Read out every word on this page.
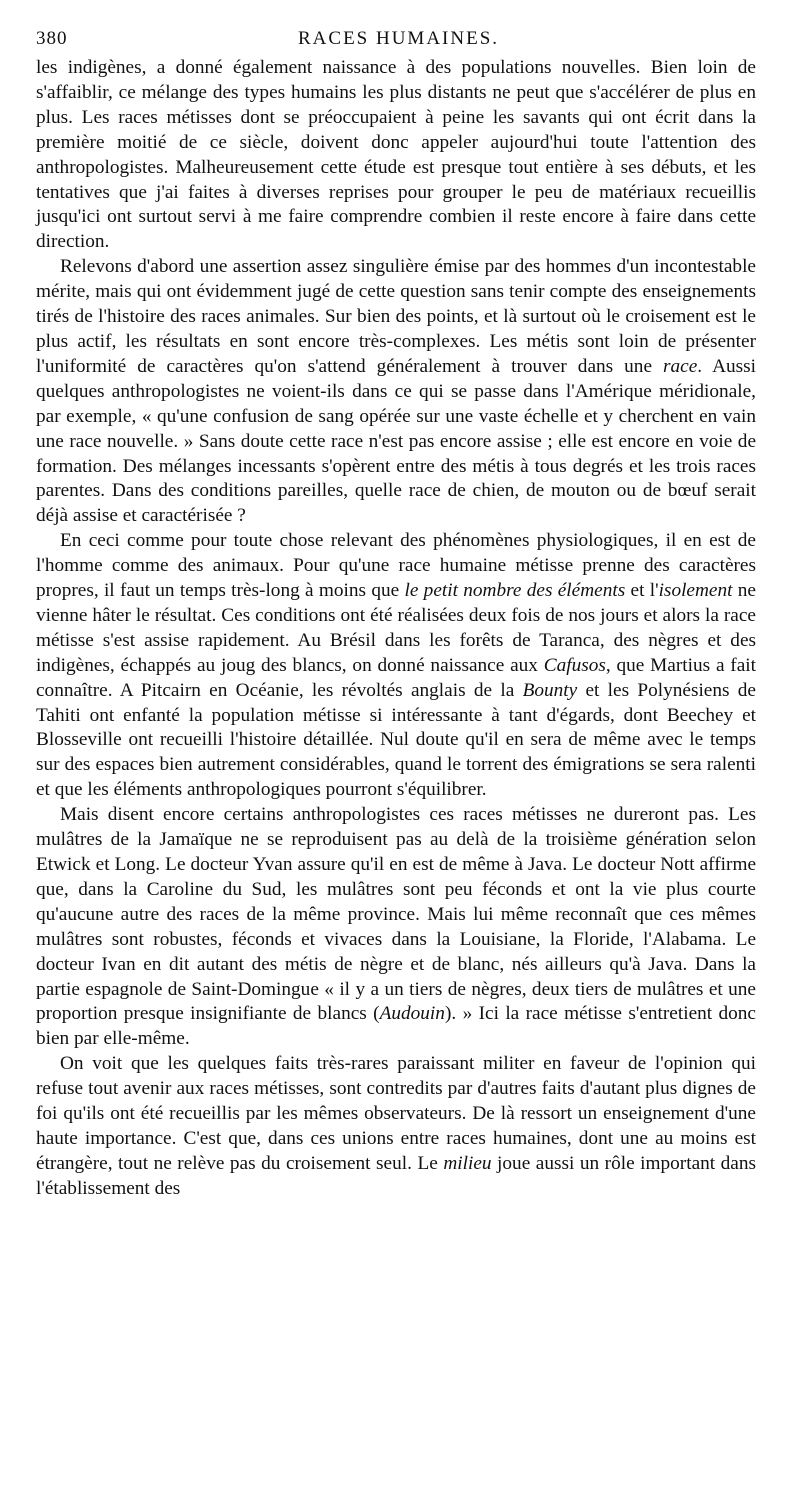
380	RACES HUMAINES.

les indigènes, a donné également naissance à des populations nouvelles. Bien loin de s'affaiblir, ce mélange des types humains les plus distants ne peut que s'accélérer de plus en plus. Les races métisses dont se préoccupaient à peine les savants qui ont écrit dans la première moitié de ce siècle, doivent donc appeler aujourd'hui toute l'attention des anthropologistes. Malheureusement cette étude est presque tout entière à ses débuts, et les tentatives que j'ai faites à diverses reprises pour grouper le peu de matériaux recueillis jusqu'ici ont surtout servi à me faire comprendre combien il reste encore à faire dans cette direction.

Relevons d'abord une assertion assez singulière émise par des hommes d'un incontestable mérite, mais qui ont évidemment jugé de cette question sans tenir compte des enseignements tirés de l'histoire des races animales. Sur bien des points, et là surtout où le croisement est le plus actif, les résultats en sont encore très-complexes. Les métis sont loin de présenter l'uniformité de caractères qu'on s'attend généralement à trouver dans une race. Aussi quelques anthropologistes ne voient-ils dans ce qui se passe dans l'Amérique méridionale, par exemple, « qu'une confusion de sang opérée sur une vaste échelle et y cherchent en vain une race nouvelle. » Sans doute cette race n'est pas encore assise ; elle est encore en voie de formation. Des mélanges incessants s'opèrent entre des métis à tous degrés et les trois races parentes. Dans des conditions pareilles, quelle race de chien, de mouton ou de bœuf serait déjà assise et caractérisée ?

En ceci comme pour toute chose relevant des phénomènes physiologiques, il en est de l'homme comme des animaux. Pour qu'une race humaine métisse prenne des caractères propres, il faut un temps très-long à moins que le petit nombre des éléments et l'isolement ne vienne hâter le résultat. Ces conditions ont été réalisées deux fois de nos jours et alors la race métisse s'est assise rapidement. Au Brésil dans les forêts de Taranca, des nègres et des indigènes, échappés au joug des blancs, on donné naissance aux Cafusos, que Martius a fait connaître. A Pitcairn en Océanie, les révoltés anglais de la Bounty et les Polynésiens de Tahiti ont enfanté la population métisse si intéressante à tant d'égards, dont Beechey et Blosseville ont recueilli l'histoire détaillée. Nul doute qu'il en sera de même avec le temps sur des espaces bien autrement considérables, quand le torrent des émigrations se sera ralenti et que les éléments anthropologiques pourront s'équilibrer.

Mais disent encore certains anthropologistes ces races métisses ne dureront pas. Les mulâtres de la Jamaïque ne se reproduisent pas au delà de la troisième génération selon Etwick et Long. Le docteur Yvan assure qu'il en est de même à Java. Le docteur Nott affirme que, dans la Caroline du Sud, les mulâtres sont peu féconds et ont la vie plus courte qu'aucune autre des races de la même province. Mais lui même reconnaît que ces mêmes mulâtres sont robustes, féconds et vivaces dans la Louisiane, la Floride, l'Alabama. Le docteur Ivan en dit autant des métis de nègre et de blanc, nés ailleurs qu'à Java. Dans la partie espagnole de Saint-Domingue « il y a un tiers de nègres, deux tiers de mulâtres et une proportion presque insignifiante de blancs (Audouin). » Ici la race métisse s'entretient donc bien par elle-même.

On voit que les quelques faits très-rares paraissant militer en faveur de l'opinion qui refuse tout avenir aux races métisses, sont contredits par d'autres faits d'autant plus dignes de foi qu'ils ont été recueillis par les mêmes observateurs. De là ressort un enseignement d'une haute importance. C'est que, dans ces unions entre races humaines, dont une au moins est étrangère, tout ne relève pas du croisement seul. Le milieu joue aussi un rôle important dans l'établissement des
